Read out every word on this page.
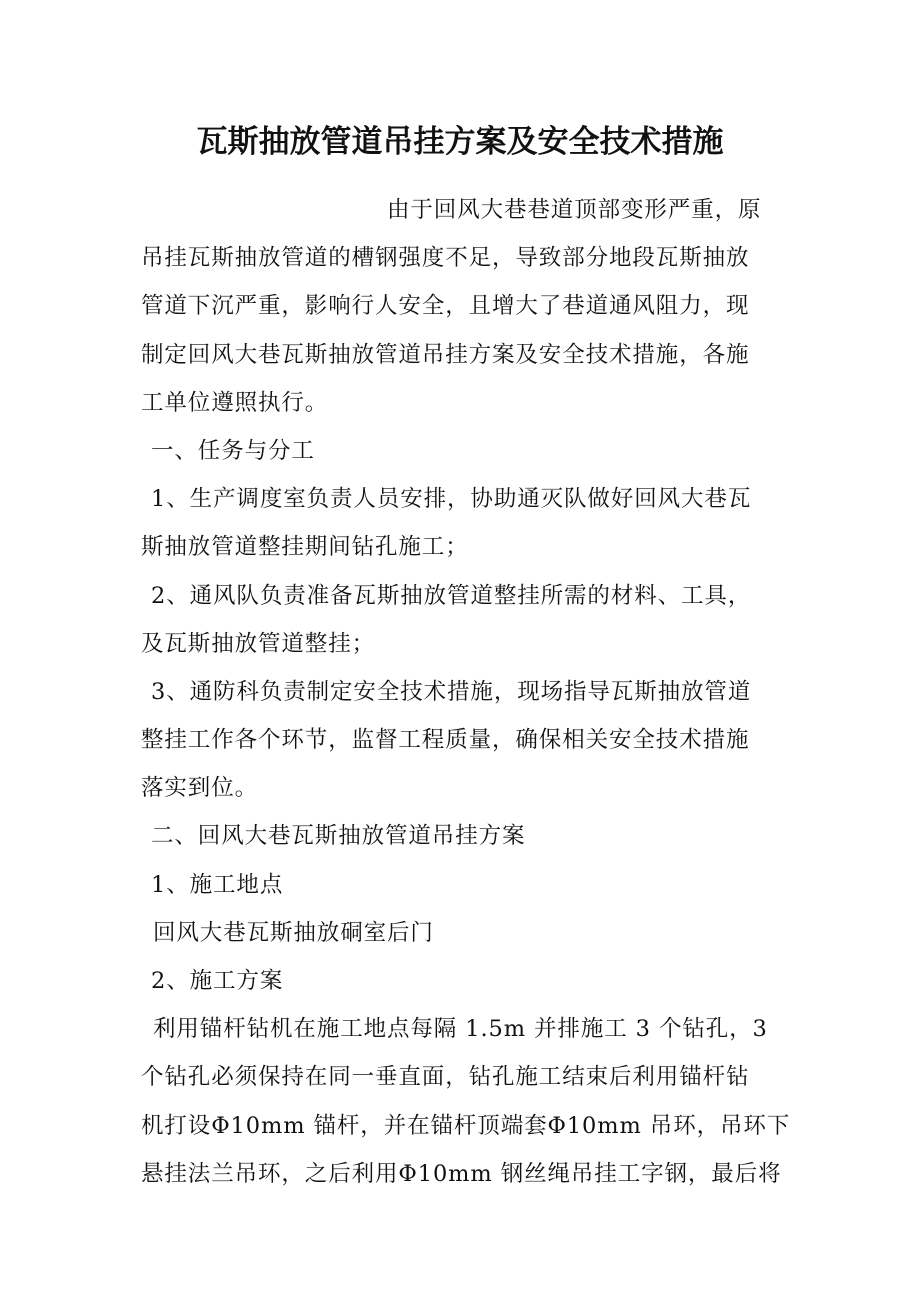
瓦斯抽放管道吊挂方案及安全技术措施
由于回风大巷巷道顶部变形严重，原
吊挂瓦斯抽放管道的槽钢强度不足，导致部分地段瓦斯抽放
管道下沉严重，影响行人安全，且增大了巷道通风阻力，现
制定回风大巷瓦斯抽放管道吊挂方案及安全技术措施，各施
工单位遵照执行。
一、任务与分工
1、生产调度室负责人员安排，协助通灭队做好回风大巷瓦
斯抽放管道整挂期间钻孔施工；
2、通风队负责准备瓦斯抽放管道整挂所需的材料、工具，
及瓦斯抽放管道整挂；
3、通防科负责制定安全技术措施，现场指导瓦斯抽放管道
整挂工作各个环节，监督工程质量，确保相关安全技术措施
落实到位。
二、回风大巷瓦斯抽放管道吊挂方案
1、施工地点
回风大巷瓦斯抽放硐室后门
2、施工方案
利用锚杆钻机在施工地点每隔 1.5m 并排施工 3 个钻孔，3
个钻孔必须保持在同一垂直面，钻孔施工结束后利用锚杆钻
机打设Φ10mm 锚杆，并在锚杆顶端套Φ10mm 吊环，吊环下
悬挂法兰吊环，之后利用Φ10mm 钢丝绳吊挂工字钢，最后将
